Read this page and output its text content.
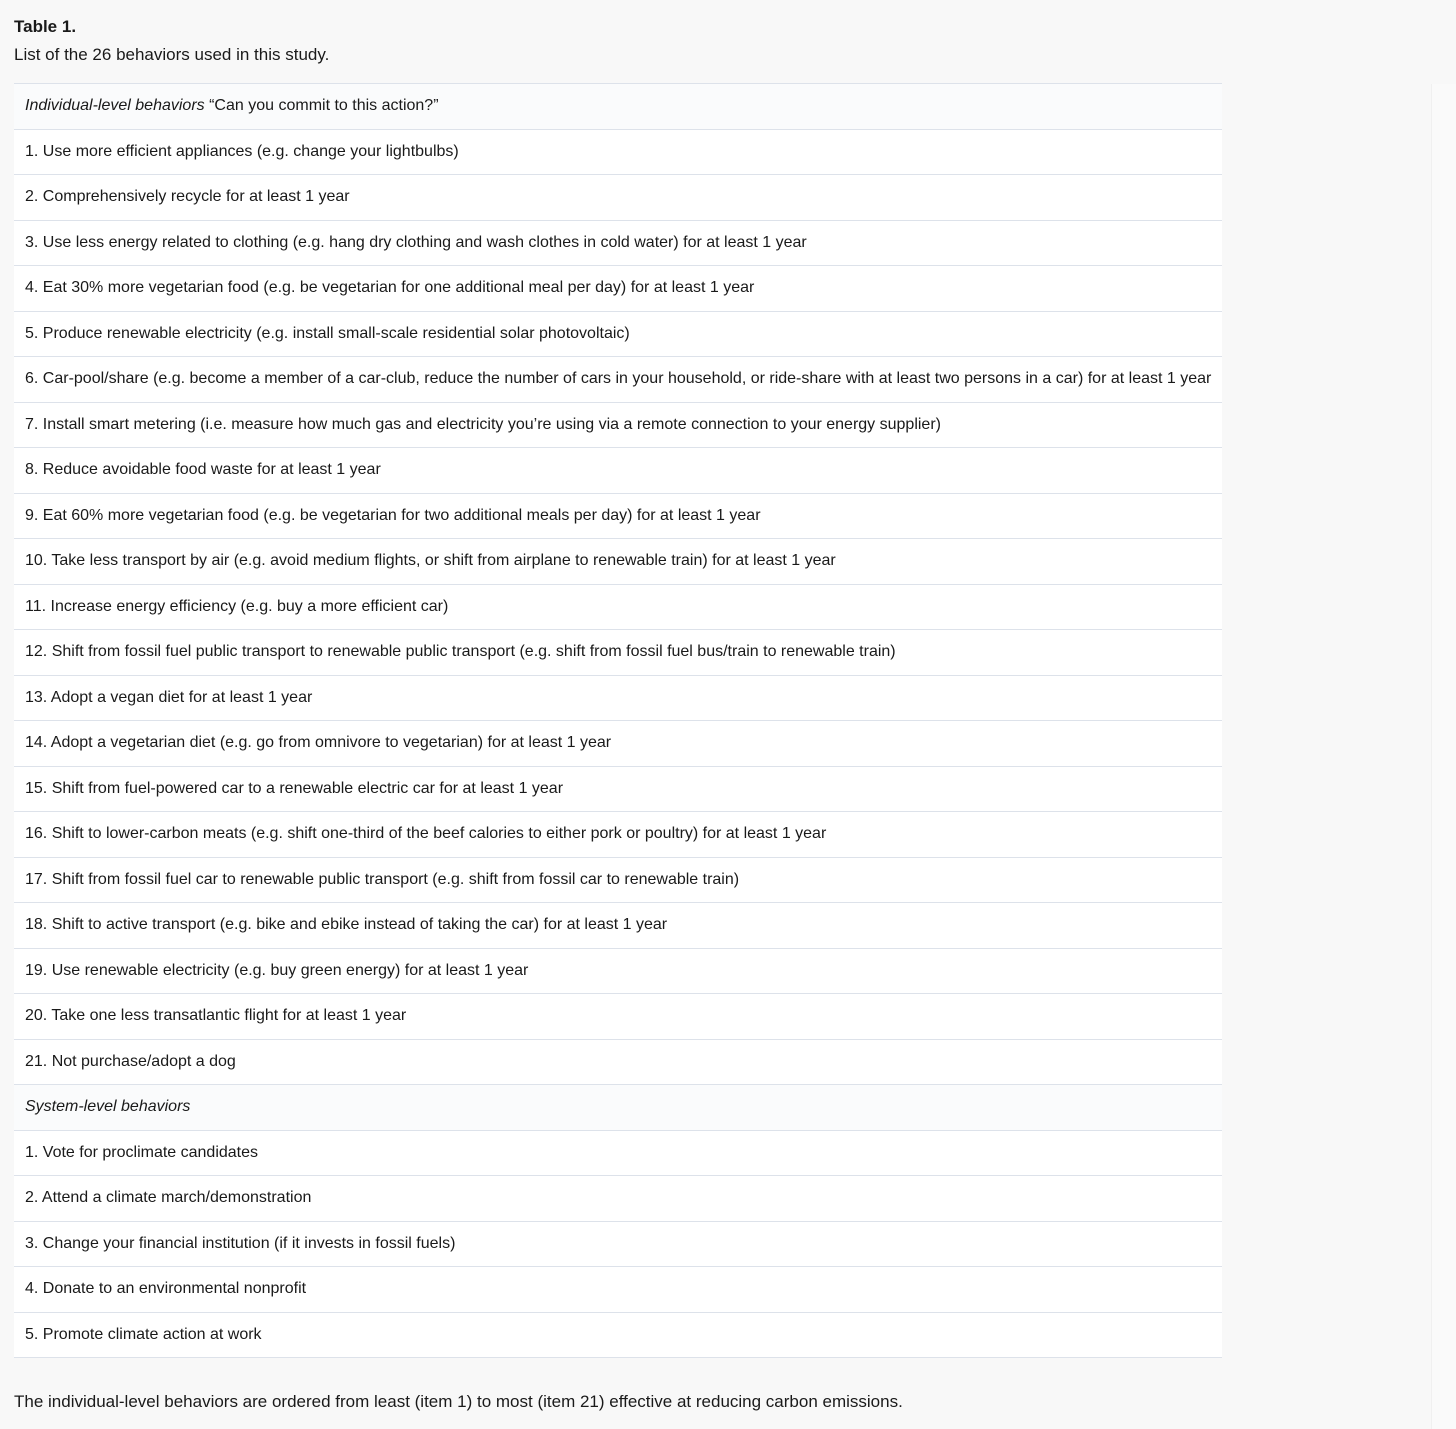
Table 1.
List of the 26 behaviors used in this study.
Individual-level behaviors “Can you commit to this action?”
1. Use more efficient appliances (e.g. change your lightbulbs)
2. Comprehensively recycle for at least 1 year
3. Use less energy related to clothing (e.g. hang dry clothing and wash clothes in cold water) for at least 1 year
4. Eat 30% more vegetarian food (e.g. be vegetarian for one additional meal per day) for at least 1 year
5. Produce renewable electricity (e.g. install small-scale residential solar photovoltaic)
6. Car-pool/share (e.g. become a member of a car-club, reduce the number of cars in your household, or ride-share with at least two persons in a car) for at least 1 year
7. Install smart metering (i.e. measure how much gas and electricity you’re using via a remote connection to your energy supplier)
8. Reduce avoidable food waste for at least 1 year
9. Eat 60% more vegetarian food (e.g. be vegetarian for two additional meals per day) for at least 1 year
10. Take less transport by air (e.g. avoid medium flights, or shift from airplane to renewable train) for at least 1 year
11. Increase energy efficiency (e.g. buy a more efficient car)
12. Shift from fossil fuel public transport to renewable public transport (e.g. shift from fossil fuel bus/train to renewable train)
13. Adopt a vegan diet for at least 1 year
14. Adopt a vegetarian diet (e.g. go from omnivore to vegetarian) for at least 1 year
15. Shift from fuel-powered car to a renewable electric car for at least 1 year
16. Shift to lower-carbon meats (e.g. shift one-third of the beef calories to either pork or poultry) for at least 1 year
17. Shift from fossil fuel car to renewable public transport (e.g. shift from fossil car to renewable train)
18. Shift to active transport (e.g. bike and ebike instead of taking the car) for at least 1 year
19. Use renewable electricity (e.g. buy green energy) for at least 1 year
20. Take one less transatlantic flight for at least 1 year
21. Not purchase/adopt a dog
System-level behaviors
1. Vote for proclimate candidates
2. Attend a climate march/demonstration
3. Change your financial institution (if it invests in fossil fuels)
4. Donate to an environmental nonprofit
5. Promote climate action at work
The individual-level behaviors are ordered from least (item 1) to most (item 21) effective at reducing carbon emissions.
